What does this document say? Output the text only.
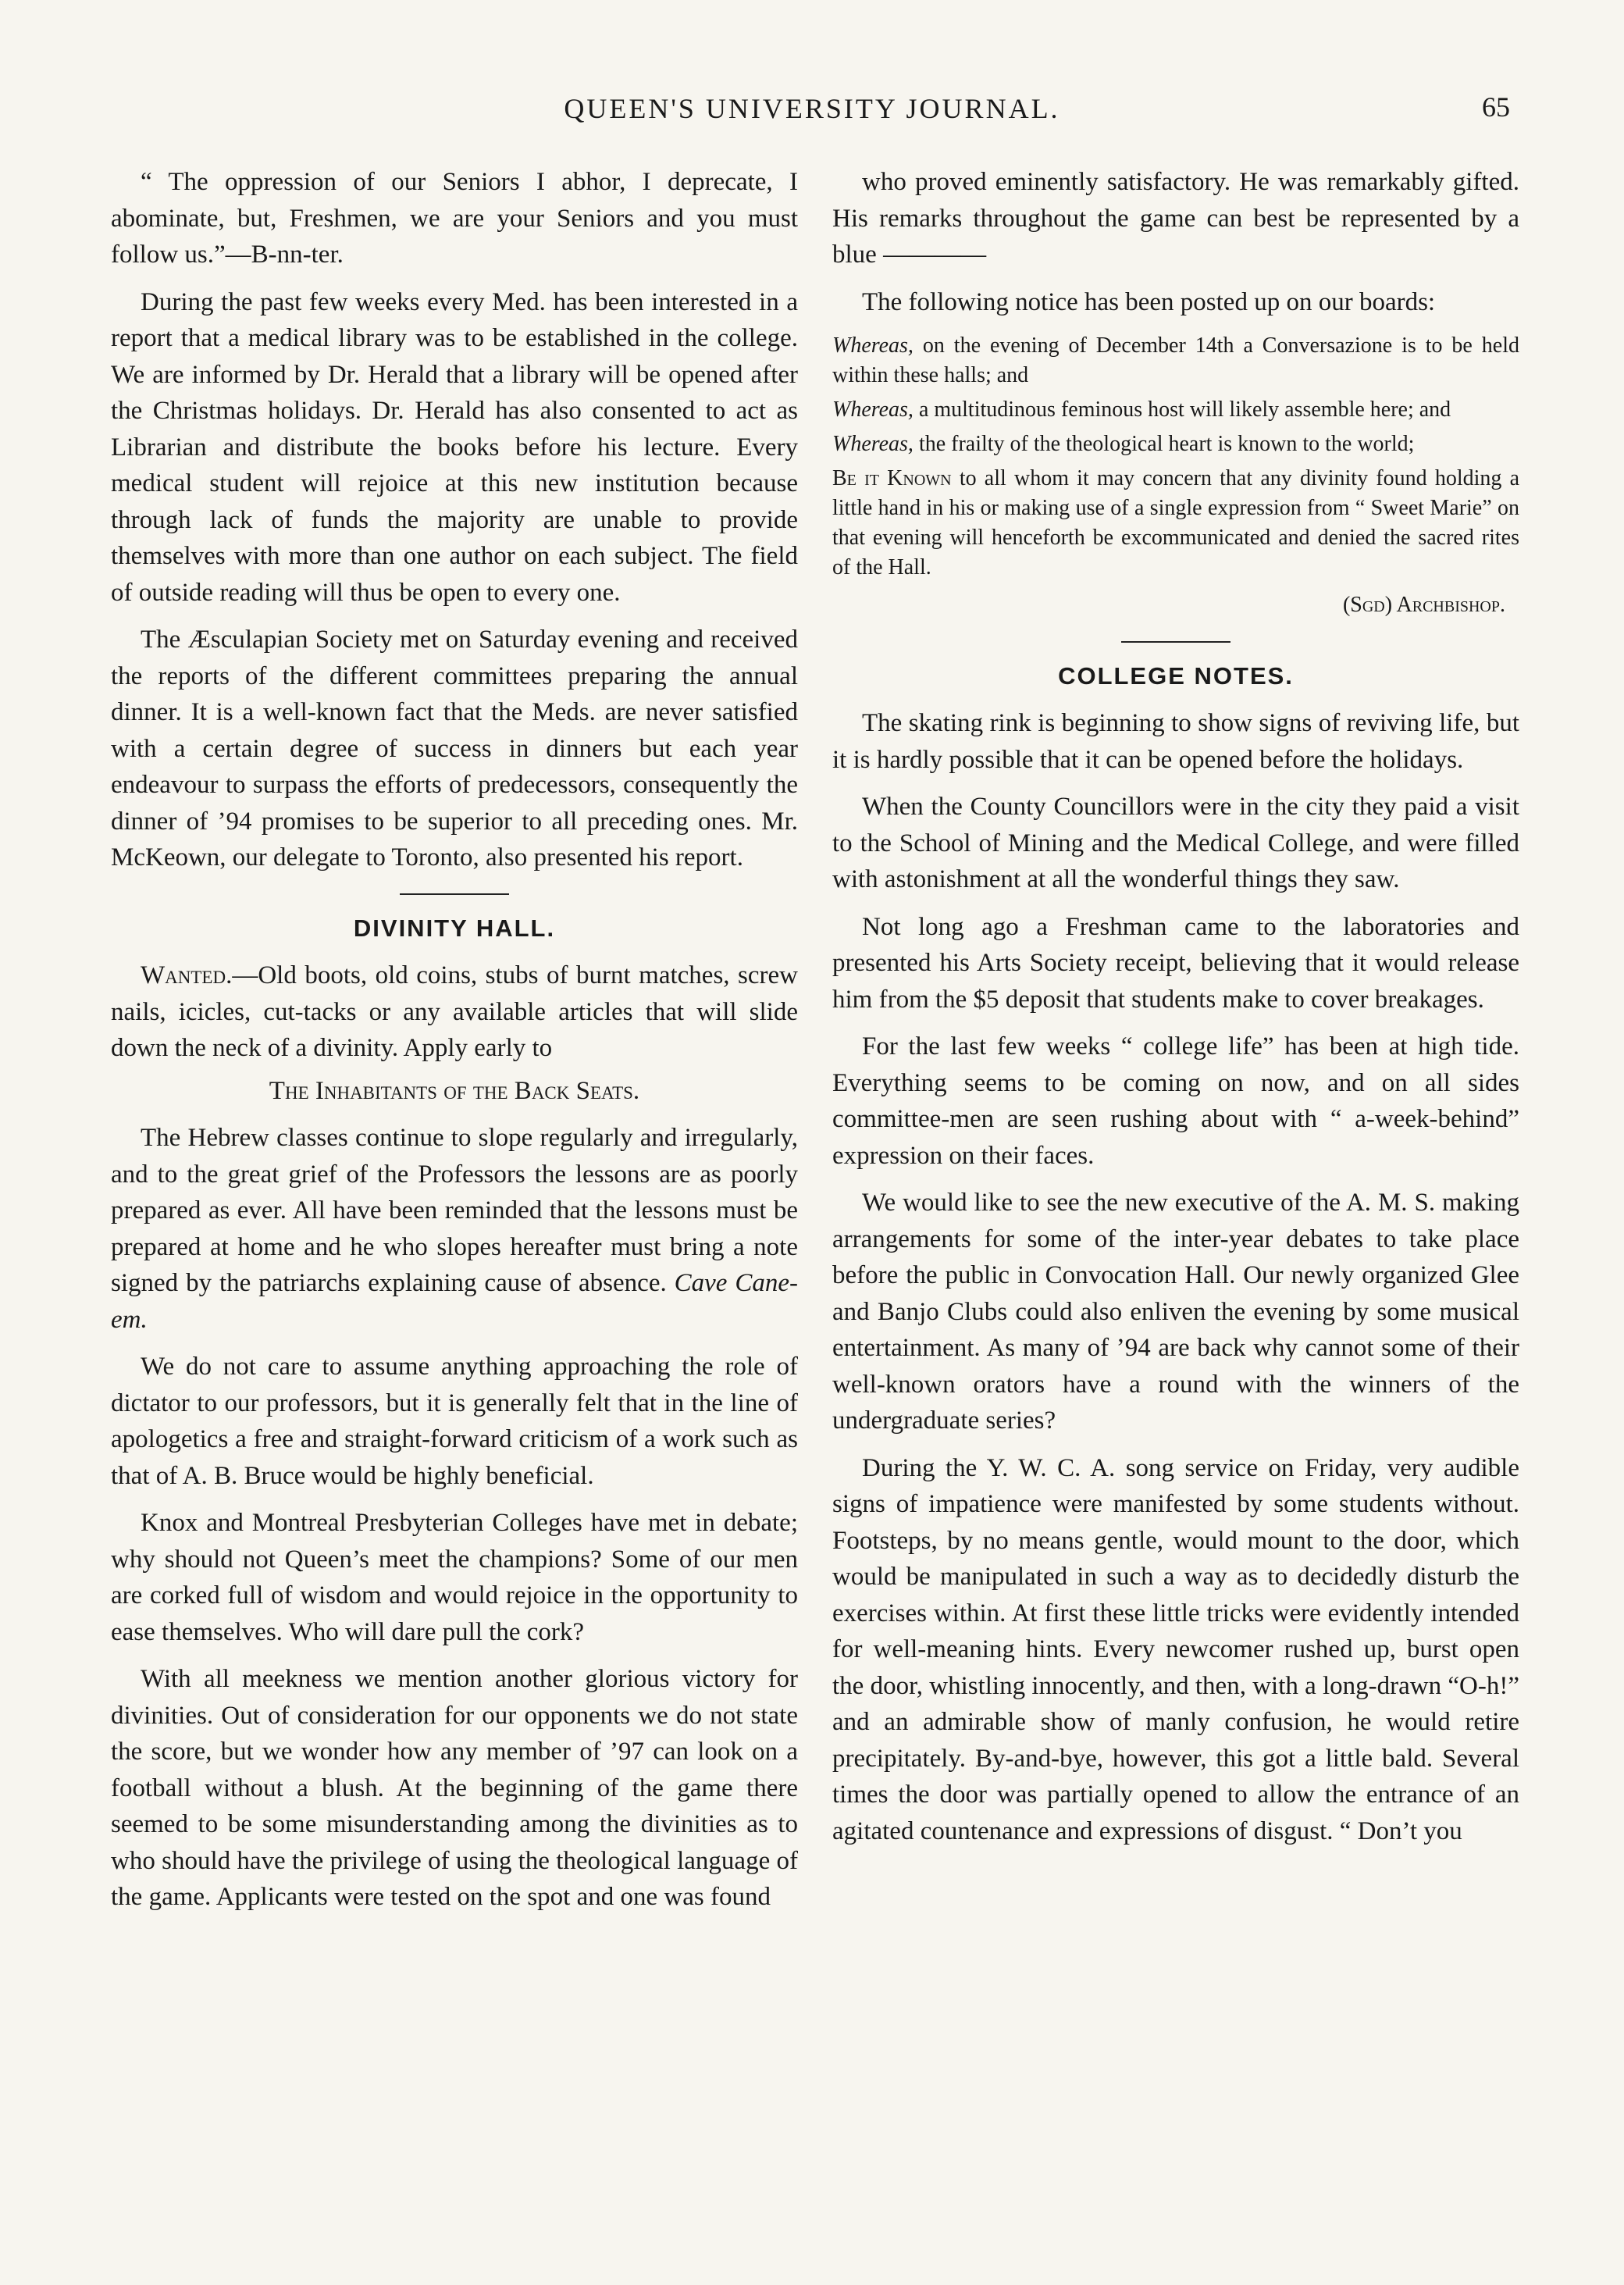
QUEEN'S UNIVERSITY JOURNAL.	65

“ The oppression of our Seniors I abhor, I deprecate, I abominate, but, Freshmen, we are your Seniors and you must follow us.”—B-nn-ter.

During the past few weeks every Med. has been interested in a report that a medical library was to be established in the college. We are informed by Dr. Herald that a library will be opened after the Christmas holidays. Dr. Herald has also consented to act as Librarian and distribute the books before his lecture. Every medical student will rejoice at this new institution because through lack of funds the majority are unable to provide themselves with more than one author on each subject. The field of outside reading will thus be open to every one.

The Æsculapian Society met on Saturday evening and received the reports of the different committees preparing the annual dinner. It is a well-known fact that the Meds. are never satisfied with a certain degree of success in dinners but each year endeavour to surpass the efforts of predecessors, consequently the dinner of ’94 promises to be superior to all preceding ones. Mr. McKeown, our delegate to Toronto, also presented his report.

DIVINITY HALL.

Wanted.—Old boots, old coins, stubs of burnt matches, screw nails, icicles, cut-tacks or any available articles that will slide down the neck of a divinity. Apply early to

The Inhabitants of the Back Seats.

The Hebrew classes continue to slope regularly and irregularly, and to the great grief of the Professors the lessons are as poorly prepared as ever. All have been reminded that the lessons must be prepared at home and he who slopes hereafter must bring a note signed by the patriarchs explaining cause of absence. Cave Cane-em.

We do not care to assume anything approaching the role of dictator to our professors, but it is generally felt that in the line of apologetics a free and straight-forward criticism of a work such as that of A. B. Bruce would be highly beneficial.

Knox and Montreal Presbyterian Colleges have met in debate; why should not Queen’s meet the champions? Some of our men are corked full of wisdom and would rejoice in the opportunity to ease themselves. Who will dare pull the cork?

With all meekness we mention another glorious victory for divinities. Out of consideration for our opponents we do not state the score, but we wonder how any member of ’97 can look on a football without a blush. At the beginning of the game there seemed to be some misunderstanding among the divinities as to who should have the privilege of using the theological language of the game. Applicants were tested on the spot and one was found

who proved eminently satisfactory. He was remarkably gifted. His remarks throughout the game can best be represented by a blue ————

The following notice has been posted up on our boards:

Whereas, on the evening of December 14th a Conversazione is to be held within these halls; and

Whereas, a multitudinous feminous host will likely assemble here; and

Whereas, the frailty of the theological heart is known to the world;

Be it Known to all whom it may concern that any divinity found holding a little hand in his or making use of a single expression from “ Sweet Marie” on that evening will henceforth be excommunicated and denied the sacred rites of the Hall.

(Sgd) Archbishop.

COLLEGE NOTES.

The skating rink is beginning to show signs of reviving life, but it is hardly possible that it can be opened before the holidays.

When the County Councillors were in the city they paid a visit to the School of Mining and the Medical College, and were filled with astonishment at all the wonderful things they saw.

Not long ago a Freshman came to the laboratories and presented his Arts Society receipt, believing that it would release him from the $5 deposit that students make to cover breakages.

For the last few weeks “ college life” has been at high tide. Everything seems to be coming on now, and on all sides committee-men are seen rushing about with “ a-week-behind” expression on their faces.

We would like to see the new executive of the A. M. S. making arrangements for some of the inter-year debates to take place before the public in Convocation Hall. Our newly organized Glee and Banjo Clubs could also enliven the evening by some musical entertainment. As many of ’94 are back why cannot some of their well-known orators have a round with the winners of the undergraduate series?

During the Y. W. C. A. song service on Friday, very audible signs of impatience were manifested by some students without. Footsteps, by no means gentle, would mount to the door, which would be manipulated in such a way as to decidedly disturb the exercises within. At first these little tricks were evidently intended for well-meaning hints. Every newcomer rushed up, burst open the door, whistling innocently, and then, with a long-drawn “O-h!” and an admirable show of manly confusion, he would retire precipitately. By-and-bye, however, this got a little bald. Several times the door was partially opened to allow the entrance of an agitated countenance and expressions of disgust. “ Don’t you
